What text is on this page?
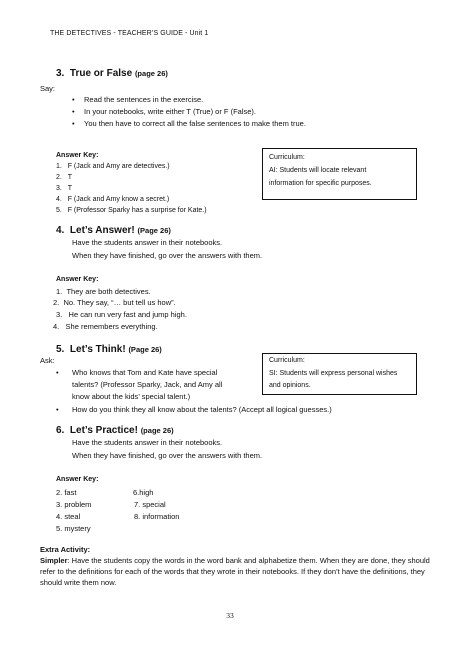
THE DETECTIVES - TEACHER’S GUIDE - Unit 1
3. True or False (page 26)
Say:
• Read the sentences in the exercise.
• In your notebooks, write either T (True) or F (False).
• You then have to correct all the false sentences to make them true.
Answer Key:
1. F (Jack and Amy are detectives.)
2. T
3. T
4. F (Jack and Amy know a secret.)
5. F (Professor Sparky has a surprise for Kate.)
Curriculum:
AI: Students will locate relevant
information for specific purposes.
4. Let’s Answer! (Page 26)
Have the students answer in their notebooks.
When they have finished, go over the answers with them.
Answer Key:
1. They are both detectives.
2. No. They say, “… but tell us how”.
3. He can run very fast and jump high.
4. She remembers everything.
5. Let’s Think! (Page 26)
Ask:
• Who knows that Tom and Kate have special
talents? (Professor Sparky, Jack, and Amy all
know about the kids’ special talent.)
• How do you think they all know about the talents? (Accept all logical guesses.)
Curriculum:
SI: Students will express personal wishes
and opinions.
6. Let’s Practice! (page 26)
Have the students answer in their notebooks.
When they have finished, go over the answers with them.
Answer Key:
2. fast
3. problem
4. steal
5. mystery
6.high
7. special
8. information
Extra Activity:
Simpler: Have the students copy the words in the word bank and alphabetize them. When they are done, they should refer to the definitions for each of the words that they wrote in their notebooks. If they don’t have the definitions, they should write them now.
33
